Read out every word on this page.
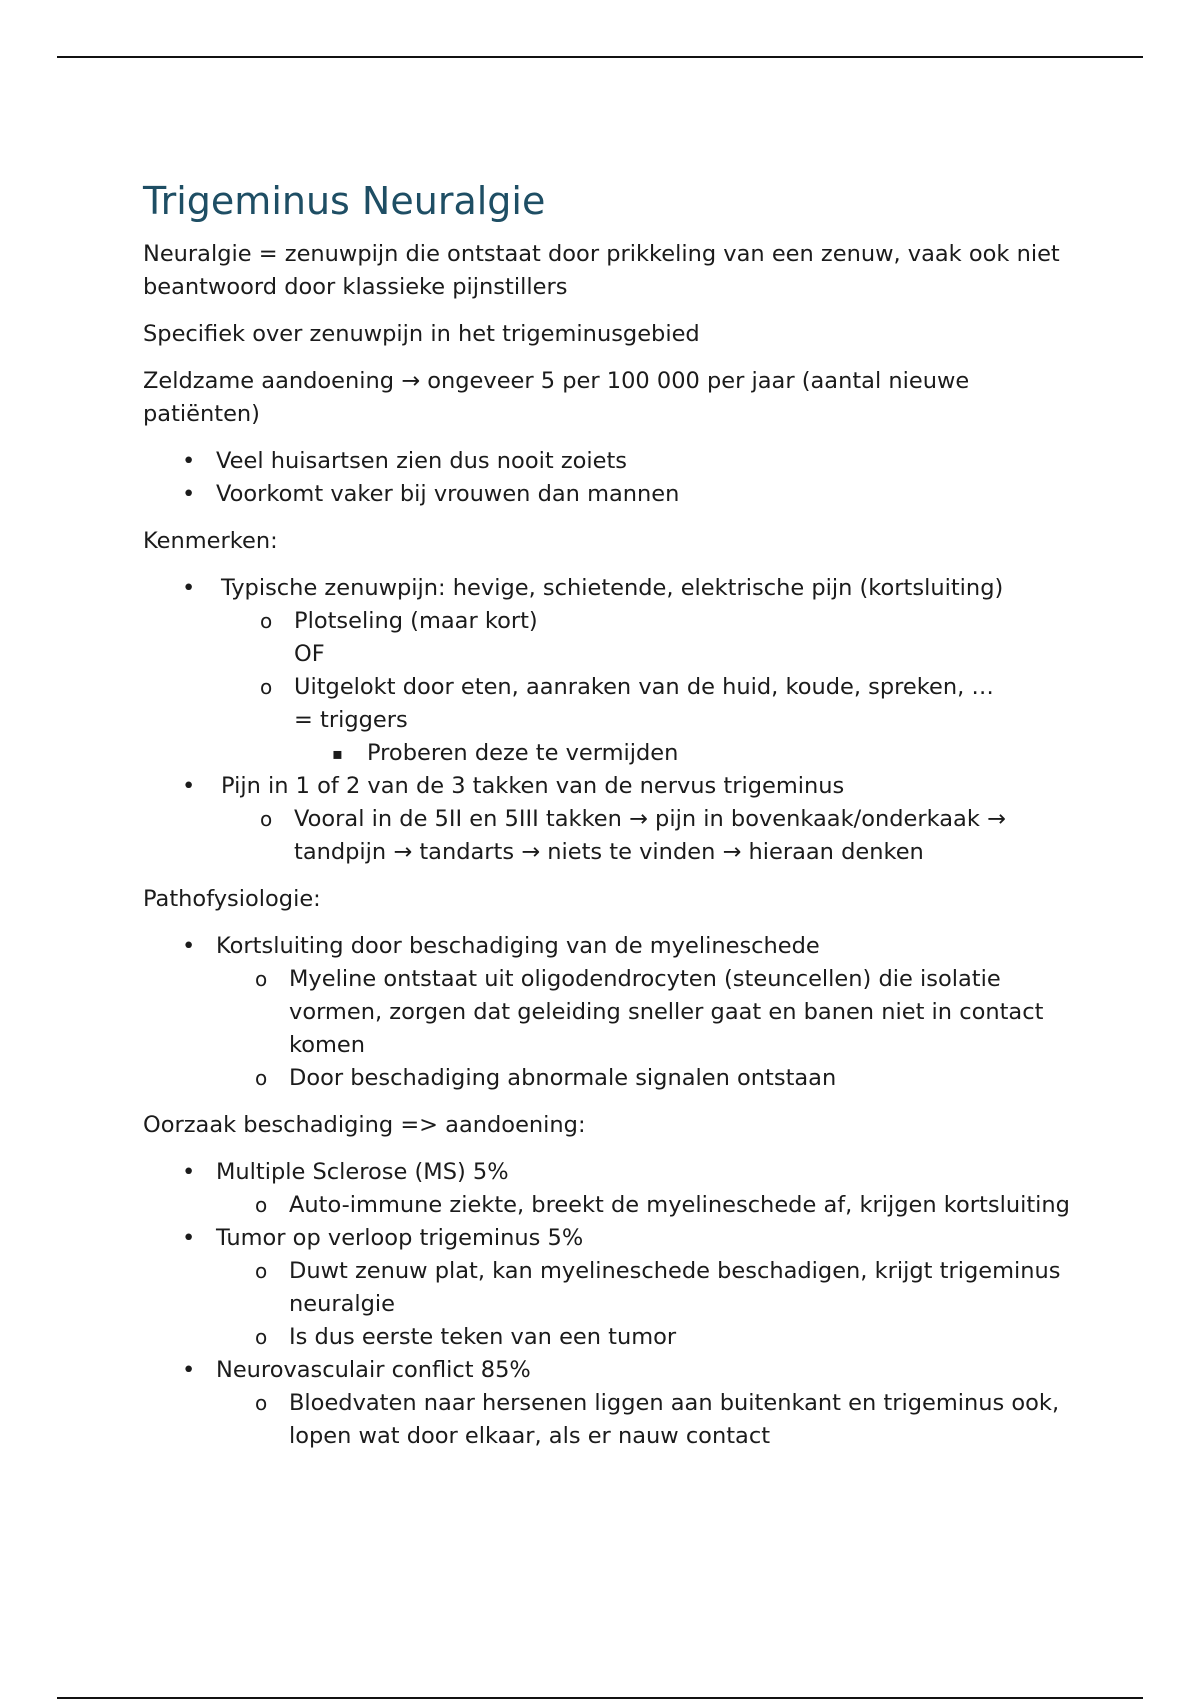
Trigeminus Neuralgie

Neuralgie = zenuwpijn die ontstaat door prikkeling van een zenuw, vaak ook niet beantwoord door klassieke pijnstillers

Specifiek over zenuwpijn in het trigeminusgebied

Zeldzame aandoening → ongeveer 5 per 100 000 per jaar (aantal nieuwe patiënten)

• Veel huisartsen zien dus nooit zoiets
• Voorkomt vaker bij vrouwen dan mannen

Kenmerken:

• Typische zenuwpijn: hevige, schietende, elektrische pijn (kortsluiting)
o Plotseling (maar kort)
OF
o Uitgelokt door eten, aanraken van de huid, koude, spreken, …
= triggers
▪ Proberen deze te vermijden
• Pijn in 1 of 2 van de 3 takken van de nervus trigeminus
o Vooral in de 5II en 5III takken → pijn in bovenkaak/onderkaak → tandpijn → tandarts → niets te vinden → hieraan denken

Pathofysiologie:

• Kortsluiting door beschadiging van de myelineschede
o Myeline ontstaat uit oligodendrocyten (steuncellen) die isolatie vormen, zorgen dat geleiding sneller gaat en banen niet in contact komen
o Door beschadiging abnormale signalen ontstaan

Oorzaak beschadiging => aandoening:

• Multiple Sclerose (MS) 5%
o Auto-immune ziekte, breekt de myelineschede af, krijgen kortsluiting
• Tumor op verloop trigeminus 5%
o Duwt zenuw plat, kan myelineschede beschadigen, krijgt trigeminus neuralgie
o Is dus eerste teken van een tumor
• Neurovasculair conflict 85%
o Bloedvaten naar hersenen liggen aan buitenkant en trigeminus ook, lopen wat door elkaar, als er nauw contact
